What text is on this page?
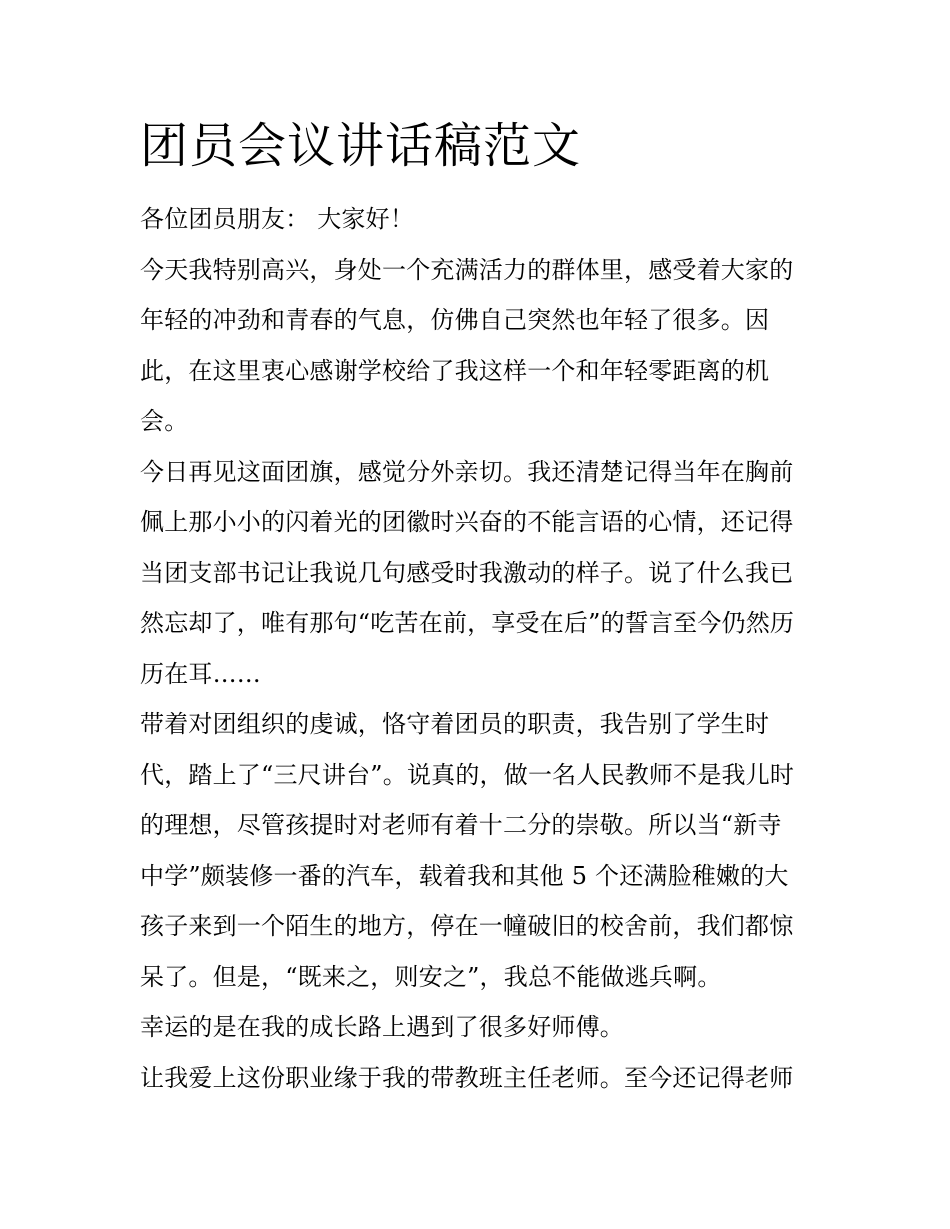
团员会议讲话稿范文

各位团员朋友： 大家好！

今天我特别高兴，身处一个充满活力的群体里，感受着大家的

年轻的冲劲和青春的气息，仿佛自己突然也年轻了很多。因

此，在这里衷心感谢学校给了我这样一个和年轻零距离的机

会。

今日再见这面团旗，感觉分外亲切。我还清楚记得当年在胸前

佩上那小小的闪着光的团徽时兴奋的不能言语的心情，还记得

当团支部书记让我说几句感受时我激动的样子。说了什么我已

然忘却了，唯有那句“吃苦在前，享受在后”的誓言至今仍然历

历在耳……

带着对团组织的虔诚，恪守着团员的职责，我告别了学生时

代，踏上了“三尺讲台”。说真的，做一名人民教师不是我儿时

的理想，尽管孩提时对老师有着十二分的崇敬。所以当“新寺

中学”颇装修一番的汽车，载着我和其他 5 个还满脸稚嫩的大

孩子来到一个陌生的地方，停在一幢破旧的校舍前，我们都惊

呆了。但是，“既来之，则安之”，我总不能做逃兵啊。

幸运的是在我的成长路上遇到了很多好师傅。

让我爱上这份职业缘于我的带教班主任老师。至今还记得老师
